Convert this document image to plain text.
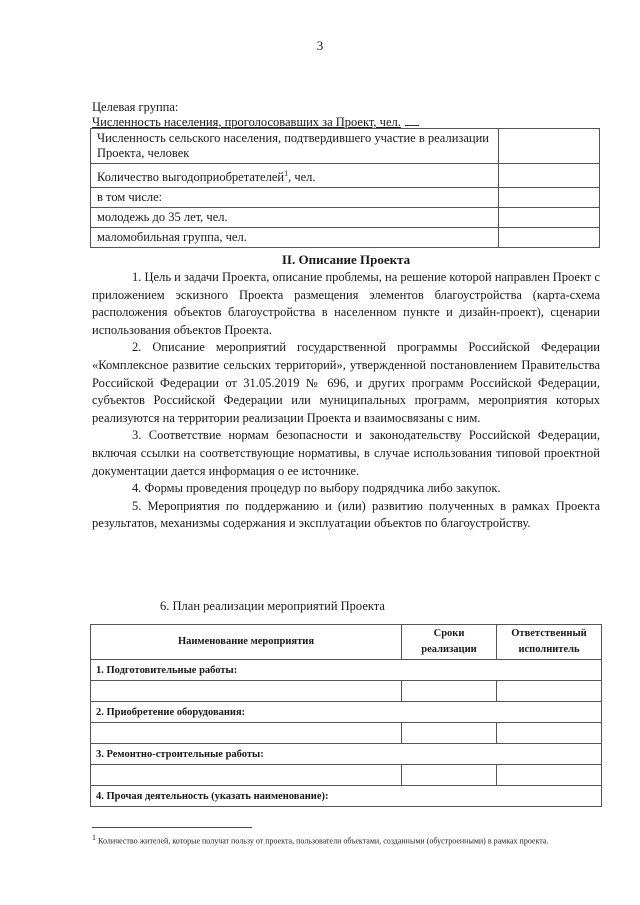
3
Целевая группа:
Численность населения, проголосовавших за Проект, чел.
Численность сельского населения, подтвердившего участие в реализации Проекта, человек	
Количество выгодоприобретателей$^1$, чел.	
в том числе:	
молодежь до 35 лет, чел.	
маломобильная группа, чел.	
II. Описание Проекта

1. Цель и задачи Проекта, описание проблемы, на решение которой направлен Проект с приложением эскизного Проекта размещения элементов благоустройства (карта-схема расположения объектов благоустройства в населенном пункте и дизайн-проект), сценарии использования объектов Проекта.

2. Описание мероприятий государственной программы Российской Федерации «Комплексное развитие сельских территорий», утвержденной постановлением Правительства Российской Федерации от 31.05.2019 № 696, и других программ Российской Федерации, субъектов Российской Федерации или муниципальных программ, мероприятия которых реализуются на территории реализации Проекта и взаимосвязаны с ним.

3. Соответствие нормам безопасности и законодательству Российской Федерации, включая ссылки на соответствующие нормативы, в случае использования типовой проектной документации дается информация о ее источнике.

4. Формы проведения процедур по выбору подрядчика либо закупок.

5. Мероприятия по поддержанию и (или) развитию полученных в рамках Проекта результатов, механизмы содержания и эксплуатации объектов по благоустройству.

6. План реализации мероприятий Проекта
Наименование мероприятия	Сроки реализации	Ответственный исполнитель
1. Подготовительные работы:		

2. Приобретение оборудования:		

3. Ремонтно-строительные работы:		

4. Прочая деятельность (указать наименование):		
$^1$ Количество жителей, которые получат пользу от проекта, пользователи объектами, созданными (обустроенными) в рамках проекта.
